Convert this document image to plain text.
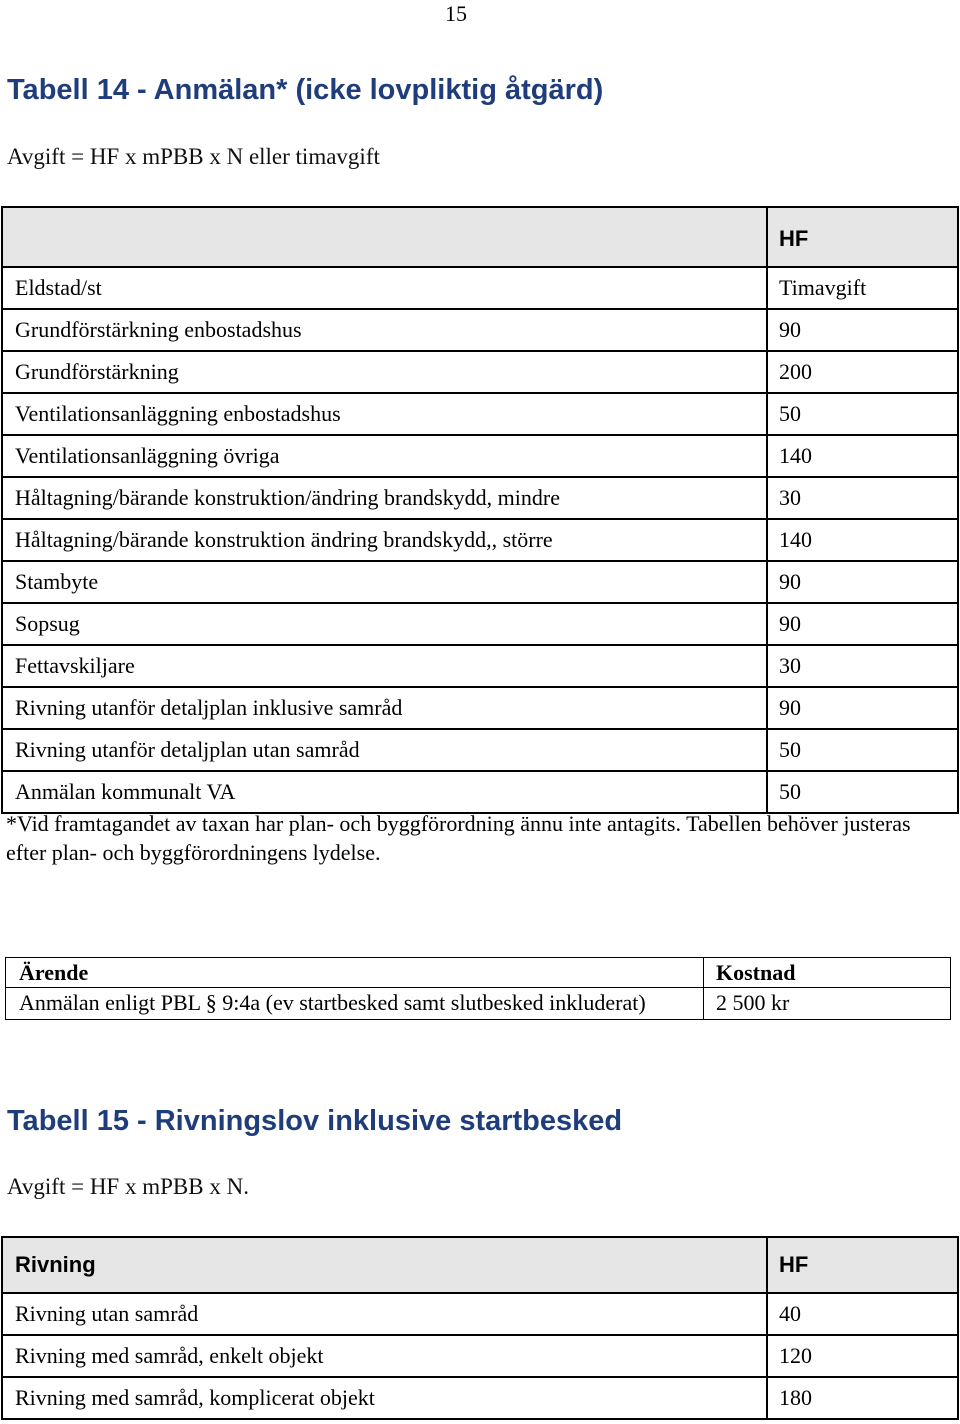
15
Tabell 14 - Anmälan* (icke lovpliktig åtgärd)

Avgift = HF x mPBB x N eller timavgift

	HF
Eldstad/st	Timavgift
Grundförstärkning enbostadshus	90
Grundförstärkning	200
Ventilationsanläggning enbostadshus	50
Ventilationsanläggning övriga	140
Håltagning/bärande konstruktion/ändring brandskydd, mindre	30
Håltagning/bärande konstruktion ändring brandskydd,, större	140
Stambyte	90
Sopsug	90
Fettavskiljare	30
Rivning utanför detaljplan inklusive samråd	90
Rivning utanför detaljplan utan samråd	50
Anmälan kommunalt VA	50

*Vid framtagandet av taxan har plan- och byggförordning ännu inte antagits. Tabellen behöver justeras efter plan- och byggförordningens lydelse.

Ärende	Kostnad
Anmälan enligt PBL § 9:4a (ev startbesked samt slutbesked inkluderat)	2 500 kr
Tabell 15 - Rivningslov inklusive startbesked

Avgift = HF x mPBB x N.

Rivning	HF
Rivning utan samråd	40
Rivning med samråd, enkelt objekt	120
Rivning med samråd, komplicerat objekt	180
